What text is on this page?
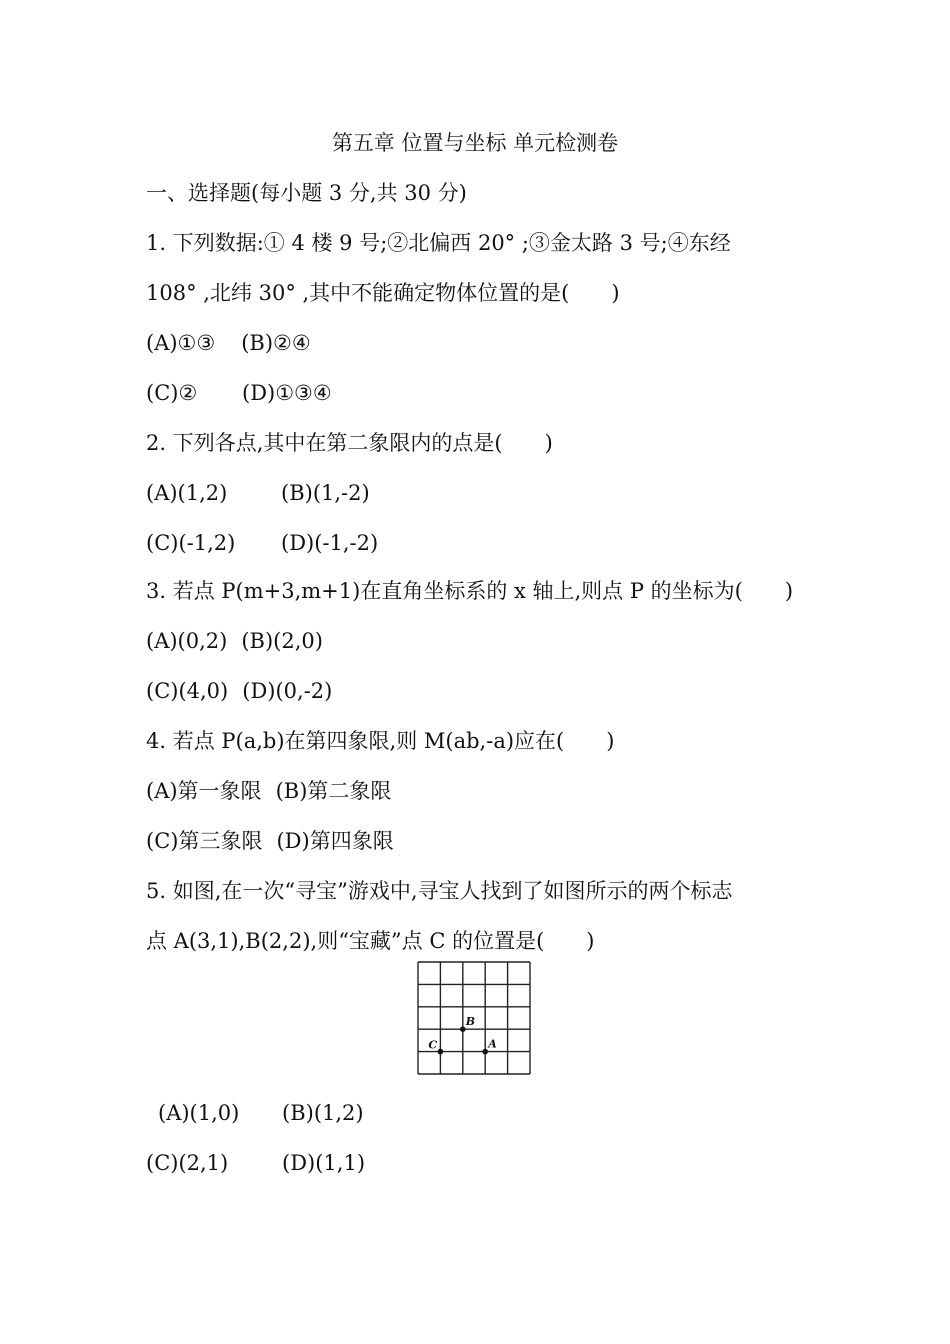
第五章 位置与坐标 单元检测卷
一、选择题(每小题 3 分,共 30 分)
1. 下列数据:① 4 楼 9 号;②北偏西 20° ;③金太路 3 号;④东经
108° ,北纬 30° ,其中不能确定物体位置的是(　　)
(A)①③ (B)②④
(C)②	(D)①③④
2. 下列各点,其中在第二象限内的点是(　　)
(A)(1,2)	(B)(1,-2)
(C)(-1,2)	(D)(-1,-2)
3. 若点 P(m+3,m+1)在直角坐标系的 x 轴上,则点 P 的坐标为(　　)
(A)(0,2) (B)(2,0)
(C)(4,0) (D)(0,-2)
4. 若点 P(a,b)在第四象限,则 M(ab,-a)应在(　　)
(A)第一象限 (B)第二象限
(C)第三象限 (D)第四象限
5. 如图,在一次“寻宝”游戏中,寻宝人找到了如图所示的两个标志
点 A(3,1),B(2,2),则“宝藏”点 C 的位置是(　　)
B
C	A
(A)(1,0)	(B)(1,2)
(C)(2,1)	(D)(1,1)
